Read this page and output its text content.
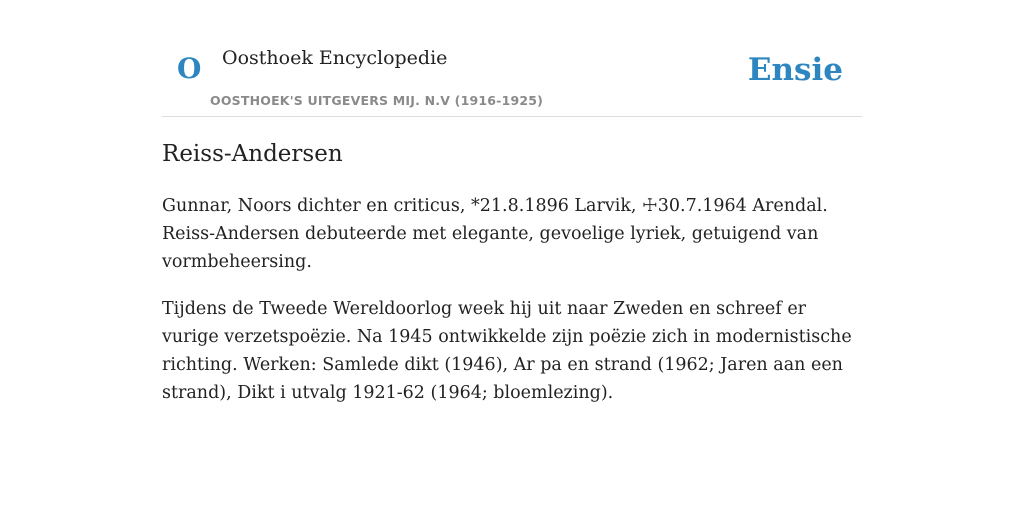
O Oosthoek Encyclopedie
OOSTHOEK'S UITGEVERS MIJ. N.V (1916-1925)
Ensie
Reiss-Andersen

Gunnar, Noors dichter en criticus, *21.8.1896 Larvik, ☩30.7.1964 Arendal. Reiss-Andersen debuteerde met elegante, gevoelige lyriek, getuigend van vormbeheersing.

Tijdens de Tweede Wereldoorlog week hij uit naar Zweden en schreef er vurige verzetspoëzie. Na 1945 ontwikkelde zijn poëzie zich in modernistische richting. Werken: Samlede dikt (1946), Ar pa en strand (1962; Jaren aan een strand), Dikt i utvalg 1921-62 (1964; bloemlezing).
